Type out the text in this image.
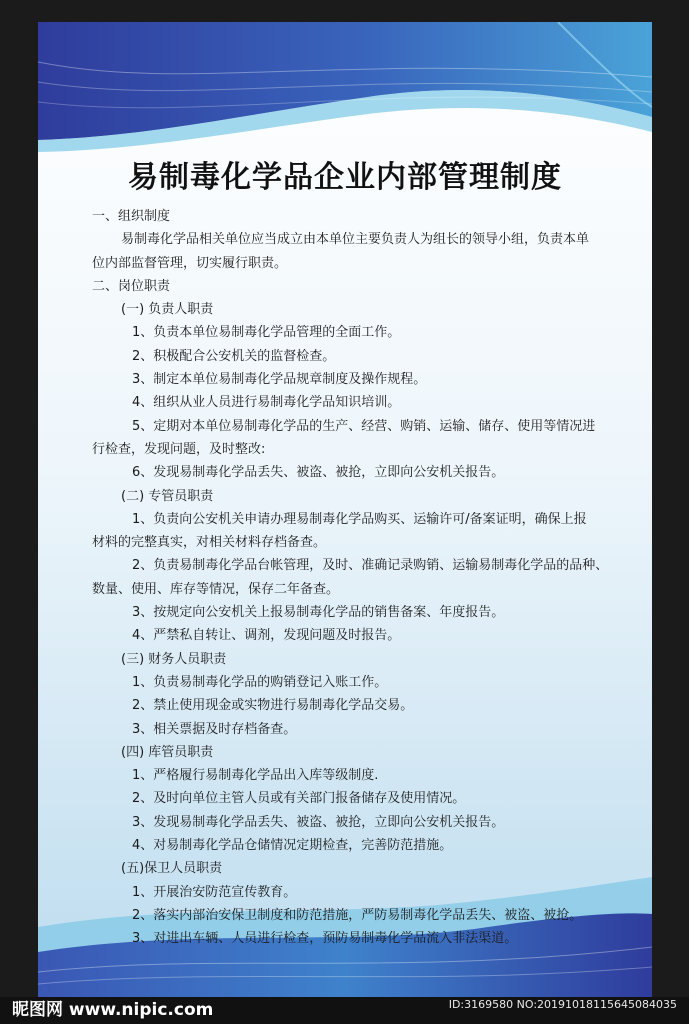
易制毒化学品企业内部管理制度

一、组织制度

易制毒化学品相关单位应当成立由本单位主要负责人为组长的领导小组，负责本单

位内部监督管理，切实履行职责。

二、岗位职责

(一) 负责人职责

1、负责本单位易制毒化学品管理的全面工作。

2、积极配合公安机关的监督检查。

3、制定本单位易制毒化学品规章制度及操作规程。

4、组织从业人员进行易制毒化学品知识培训。

5、定期对本单位易制毒化学品的生产、经营、购销、运输、储存、使用等情况进

行检查，发现问题，及时整改:

6、发现易制毒化学品丢失、被盗、被抢，立即向公安机关报告。

(二) 专管员职责

1、负责向公安机关申请办理易制毒化学品购买、运输许可/备案证明，确保上报

材料的完整真实，对相关材料存档备查。

2、负责易制毒化学品台帐管理，及时、准确记录购销、运输易制毒化学品的品种、

数量、使用、库存等情况，保存二年备查。

3、按规定向公安机关上报易制毒化学品的销售备案、年度报告。

4、严禁私自转让、调剂，发现问题及时报告。

(三) 财务人员职责

1、负责易制毒化学品的购销登记入账工作。

2、禁止使用现金或实物进行易制毒化学品交易。

3、相关票据及时存档备查。

(四) 库管员职责

1、严格履行易制毒化学品出入库等级制度.

2、及时向单位主管人员或有关部门报备储存及使用情况。

3、发现易制毒化学品丢失、被盗、被抢，立即向公安机关报告。

4、对易制毒化学品仓储情况定期检查，完善防范措施。

(五)保卫人员职责

1、开展治安防范宣传教育。

2、落实内部治安保卫制度和防范措施，严防易制毒化学品丢失、被盗、被抢。

3、对进出车辆、人员进行检查，预防易制毒化学品流入非法渠道。

昵图网 www.nipic.com	ID:3169580 NO:20191018115645084035
